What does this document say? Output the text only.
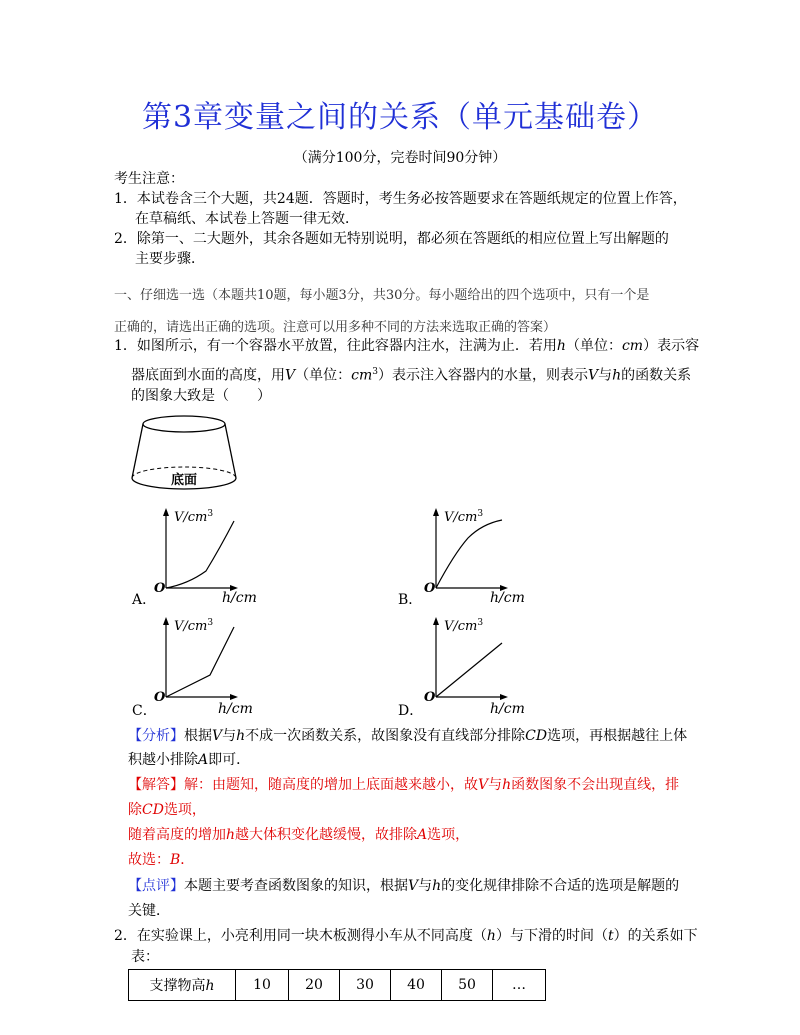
第3章变量之间的关系（单元基础卷）
（满分100分，完卷时间90分钟）
考生注意：
1．本试卷含三个大题，共24题．答题时，考生务必按答题要求在答题纸规定的位置上作答，
在草稿纸、本试卷上答题一律无效．
2．除第一、二大题外，其余各题如无特别说明，都必须在答题纸的相应位置上写出解题的
主要步骤．
一、仔细选一选（本题共10题，每小题3分，共30分。每小题给出的四个选项中，只有一个是
正确的，请选出正确的选项。注意可以用多种不同的方法来选取正确的答案）
1．如图所示，有一个容器水平放置，往此容器内注水，注满为止．若用h（单位：cm）表示容
器底面到水面的高度，用V（单位：$cm^3$）表示注入容器内的水量，则表示V与h的函数关系
的图象大致是（　　）
底面
$V/cm^3$
O
A．	h/cm
$V/cm^3$
O
B．	h/cm
$V/cm^3$
O
C．	h/cm
$V/cm^3$
O
D．	h/cm
【分析】根据V与h不成一次函数关系，故图象没有直线部分排除CD选项，再根据越往上体
积越小排除A即可．
【解答】解：由题知，随高度的增加上底面越来越小，故V与h函数图象不会出现直线，排
除CD选项，
随着高度的增加h越大体积变化越缓慢，故排除A选项，
故选：B．
【点评】本题主要考查函数图象的知识，根据V与h的变化规律排除不合适的选项是解题的
关键．
2．在实验课上，小亮利用同一块木板测得小车从不同高度（h）与下滑的时间（t）的关系如下
表：
支撑物高h	10	20	30	40	50	…
